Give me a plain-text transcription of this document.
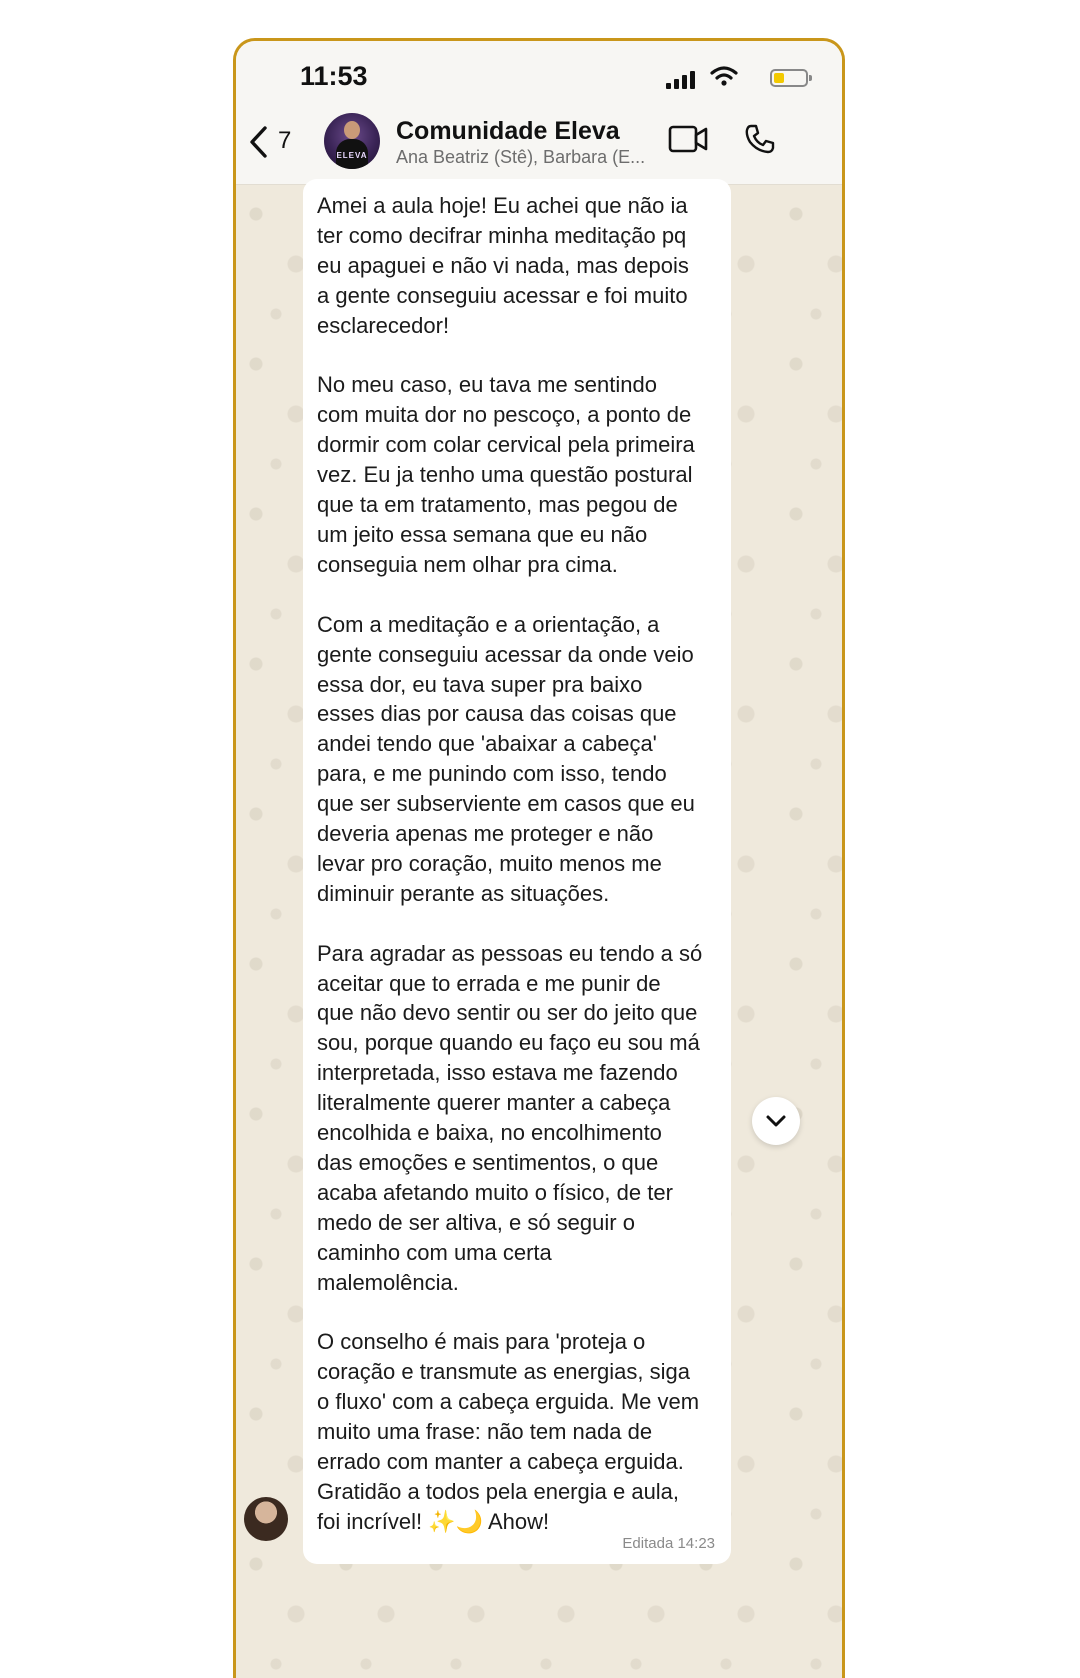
11:53
7
ELEVA
Comunidade Eleva
Ana Beatriz (Stê), Barbara (E...

Amei a aula hoje! Eu achei que não ia
ter como decifrar minha meditação pq
eu apaguei e não vi nada, mas depois
a gente conseguiu acessar e foi muito
esclarecedor!

No meu caso, eu tava me sentindo
com muita dor no pescoço, a ponto de
dormir com colar cervical pela primeira
vez. Eu ja tenho uma questão postural
que ta em tratamento, mas pegou de
um jeito essa semana que eu não
conseguia nem olhar pra cima.

Com a meditação e a orientação, a
gente conseguiu acessar da onde veio
essa dor, eu tava super pra baixo
esses dias por causa das coisas que
andei tendo que 'abaixar a cabeça'
para, e me punindo com isso, tendo
que ser subserviente em casos que eu
deveria apenas me proteger e não
levar pro coração, muito menos me
diminuir perante as situações.

Para agradar as pessoas eu tendo a só
aceitar que to errada e me punir de
que não devo sentir ou ser do jeito que
sou, porque quando eu faço eu sou má
interpretada, isso estava me fazendo
literalmente querer manter a cabeça
encolhida e baixa, no encolhimento
das emoções e sentimentos, o que
acaba afetando muito o físico, de ter
medo de ser altiva, e só seguir o
caminho com uma certa
malemolência.

O conselho é mais para 'proteja o
coração e transmute as energias, siga
o fluxo' com a cabeça erguida. Me vem
muito uma frase: não tem nada de
errado com manter a cabeça erguida.
Gratidão a todos pela energia e aula,
foi incrível! ✨🌙 Ahow!

Editada 14:23
